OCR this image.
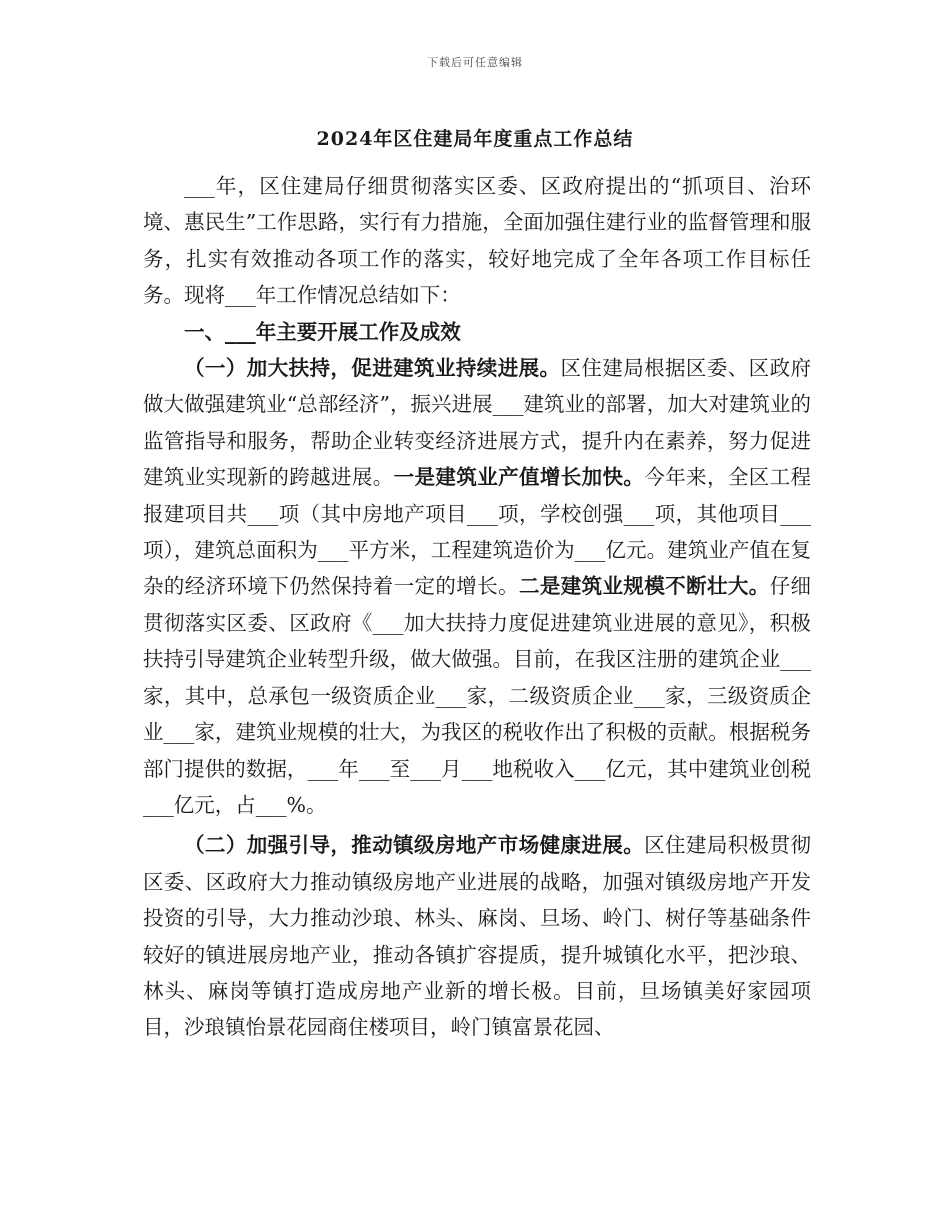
下载后可任意编辑
2024年区住建局年度重点工作总结

___年，区住建局仔细贯彻落实区委、区政府提出的“抓项目、治环境、惠民生”工作思路，实行有力措施，全面加强住建行业的监督管理和服务，扎实有效推动各项工作的落实，较好地完成了全年各项工作目标任务。现将___年工作情况总结如下：

一、___年主要开展工作及成效

（一）加大扶持，促进建筑业持续进展。区住建局根据区委、区政府做大做强建筑业“总部经济”，振兴进展___建筑业的部署，加大对建筑业的监管指导和服务，帮助企业转变经济进展方式，提升内在素养，努力促进建筑业实现新的跨越进展。一是建筑业产值增长加快。今年来，全区工程报建项目共___项（其中房地产项目___项，学校创强___项，其他项目___项），建筑总面积为___平方米，工程建筑造价为___亿元。建筑业产值在复杂的经济环境下仍然保持着一定的增长。二是建筑业规模不断壮大。仔细贯彻落实区委、区政府《___加大扶持力度促进建筑业进展的意见》，积极扶持引导建筑企业转型升级，做大做强。目前，在我区注册的建筑企业___家，其中，总承包一级资质企业___家，二级资质企业___家，三级资质企业___家，建筑业规模的壮大，为我区的税收作出了积极的贡献。根据税务部门提供的数据，___年___至___月___地税收入___亿元，其中建筑业创税___亿元，占___%。

（二）加强引导，推动镇级房地产市场健康进展。区住建局积极贯彻区委、区政府大力推动镇级房地产业进展的战略，加强对镇级房地产开发投资的引导，大力推动沙琅、林头、麻岗、旦场、岭门、树仔等基础条件较好的镇进展房地产业，推动各镇扩容提质，提升城镇化水平，把沙琅、林头、麻岗等镇打造成房地产业新的增长极。目前，旦场镇美好家园项目，沙琅镇怡景花园商住楼项目，岭门镇富景花园、
